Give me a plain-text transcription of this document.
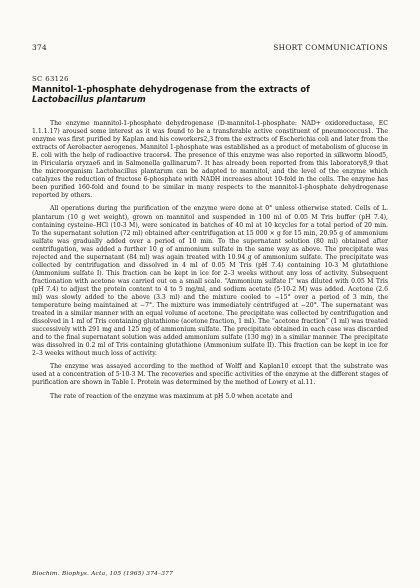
374	SHORT COMMUNICATIONS
SC 63126
Mannitol-1-phosphate dehydrogenase from the extracts of
Lactobacillus plantarum

The enzyme mannitol-1-phosphate dehydrogenase (D-mannitol-1-phosphate: NAD+ oxidoreductase, EC 1.1.1.17) aroused some interest as it was found to be a transferable active constituent of pneumococcus1. The enzyme was first purified by Kaplan and his coworkers2,3 from the extracts of Escherichia coli and later from the extracts of Aerobacter aerogenes. Mannitol 1-phosphate was established as a product of metabolism of glucose in E. coli with the help of radioactive tracers4. The presence of this enzyme was also reported in silkworm blood5, in Piricularia oryzae6 and in Salmonella gallinarum7. It has already been reported from this laboratory8,9 that the microorganism Lactobacillus plantarum can be adapted to mannitol, and the level of the enzyme which catalyzes the reduction of fructose 6-phosphate with NADH increases about 10-fold in the cells. The enzyme has been purified 160-fold and found to be similar in many respects to the mannitol-1-phosphate dehydrogenase reported by others.

All operations during the purification of the enzyme were done at 0° unless otherwise stated. Cells of L. plantarum (10 g wet weight), grown on mannitol and suspended in 100 ml of 0.05 M Tris buffer (pH 7.4), containing cysteine–HCl (10-3 M), were sonicated in batches of 40 ml at 10 kcycles for a total period of 20 min. To the supernatant solution (72 ml) obtained after centrifugation at 15 000 × g for 15 min, 20.95 g of ammonium sulfate was gradually added over a period of 10 min. To the supernatant solution (80 ml) obtained after centrifugation, was added a further 10 g of ammonium sulfate in the same way as above. The precipitate was rejected and the supernatant (84 ml) was again treated with 10.94 g of ammonium sulfate. The precipitate was collected by centrifugation and dissolved in 4 ml of 0.05 M Tris (pH 7.4) containing 10-3 M glutathione (Ammonium sulfate I). This fraction can be kept in ice for 2–3 weeks without any loss of activity. Subsequent fractionation with acetone was carried out on a small scale. “Ammonium sulfate I” was diluted with 0.05 M Tris (pH 7.4) to adjust the protein content to 4 to 5 mg/ml, and sodium acetate (5·10-2 M) was added. Acetone (2.6 ml) was slowly added to the above (3.3 ml) and the mixture cooled to −15° over a period of 3 min, the temperature being maintained at −7°. The mixture was immediately centrifuged at −20°. The supernatant was treated in a similar manner with an equal volume of acetone. The precipitate was collected by centrifugation and dissolved in 1 ml of Tris containing glutathione (acetone fraction, 1 ml). The “acetone fraction” (1 ml) was treated successively with 291 mg and 125 mg of ammonium sulfate. The precipitate obtained in each case was discarded and to the final supernatant solution was added ammonium sulfate (130 mg) in a similar manner. The precipitate was dissolved in 0.2 ml of Tris containing glutathione (Ammonium sulfate II). This fraction can be kept in ice for 2–3 weeks without much loss of activity.

The enzyme was assayed according to the method of Wolff and Kaplan10 except that the substrate was used at a concentration of 5·10-3 M. The recoveries and specific activities of the enzyme at the different stages of purification are shown in Table I. Protein was determined by the method of Lowry et al.11.

The rate of reaction of the enzyme was maximum at pH 5.0 when acetate and

Biochim. Biophys. Acta, 105 (1965) 374–377
